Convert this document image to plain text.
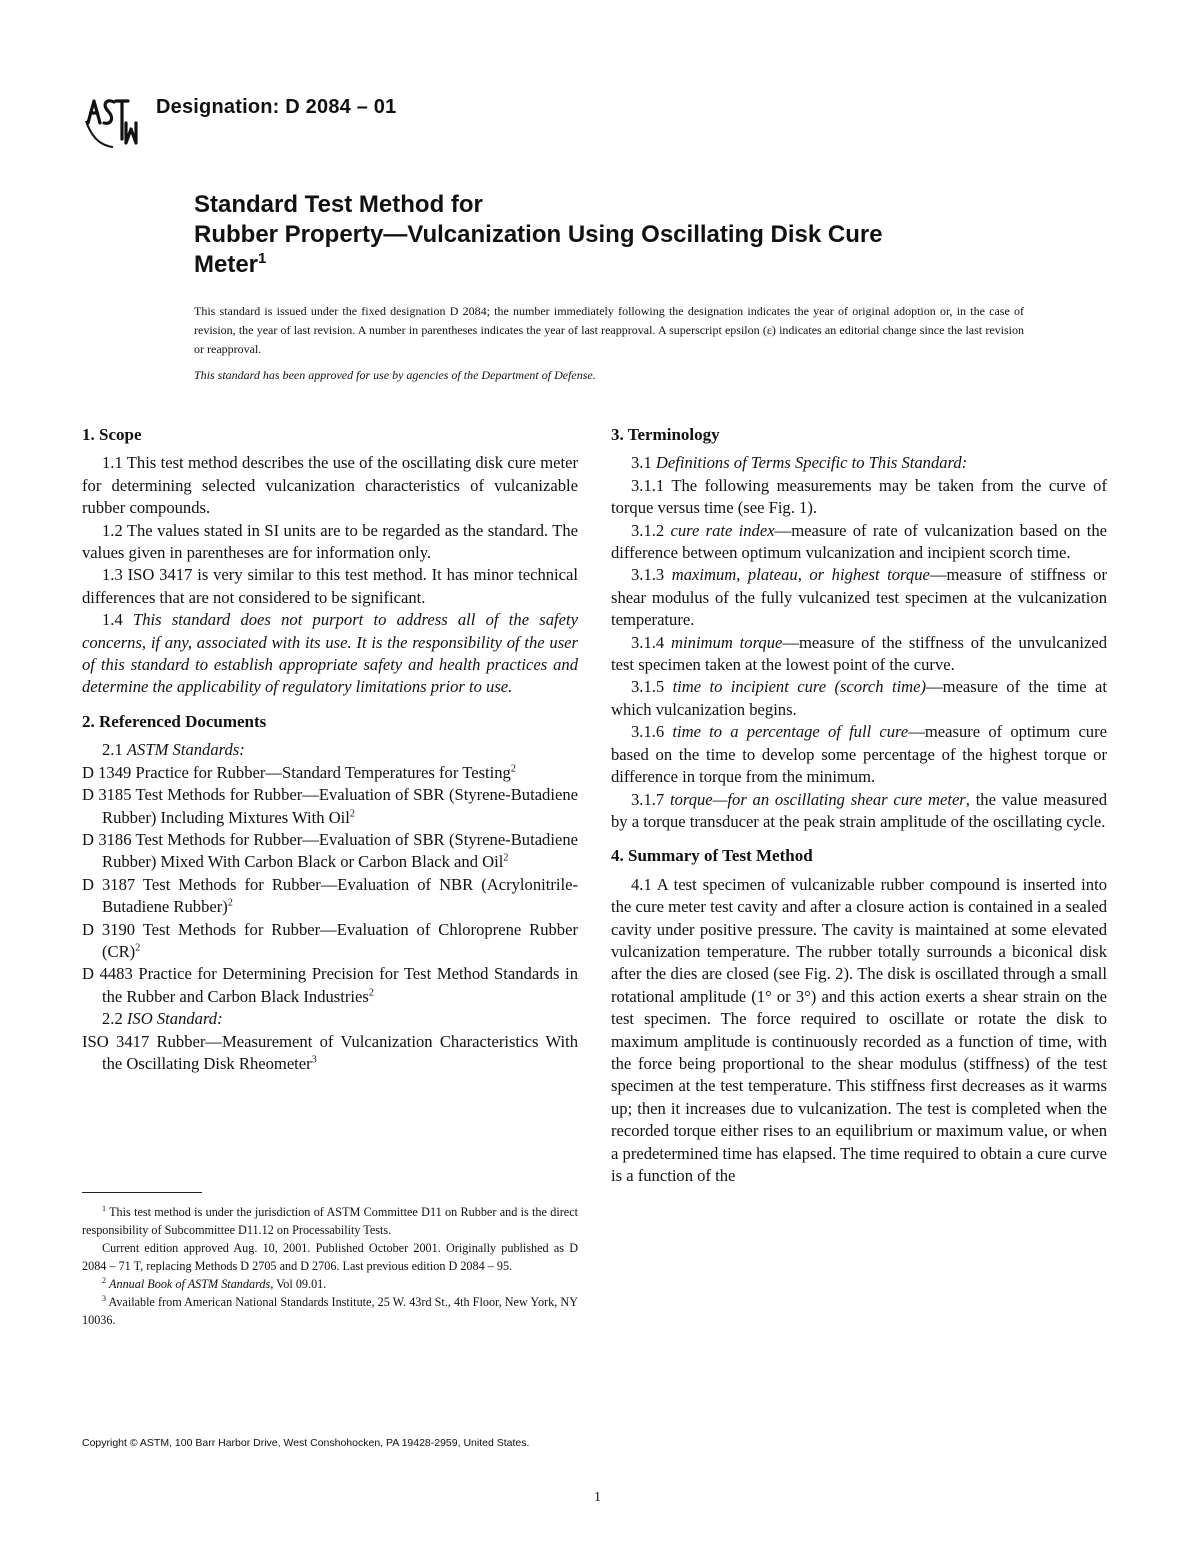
Designation: D 2084 – 01
Standard Test Method for
Rubber Property—Vulcanization Using Oscillating Disk Cure
Meter$^1$
This standard is issued under the fixed designation D 2084; the number immediately following the designation indicates the year of original adoption or, in the case of revision, the year of last revision. A number in parentheses indicates the year of last reapproval. A superscript epsilon (ε) indicates an editorial change since the last revision or reapproval.
This standard has been approved for use by agencies of the Department of Defense.
1. Scope

1.1 This test method describes the use of the oscillating disk cure meter for determining selected vulcanization characteristics of vulcanizable rubber compounds.

1.2 The values stated in SI units are to be regarded as the standard. The values given in parentheses are for information only.

1.3 ISO 3417 is very similar to this test method. It has minor technical differences that are not considered to be significant.

1.4 This standard does not purport to address all of the safety concerns, if any, associated with its use. It is the responsibility of the user of this standard to establish appropriate safety and health practices and determine the applicability of regulatory limitations prior to use.

2. Referenced Documents

2.1 ASTM Standards:

D 1349 Practice for Rubber—Standard Temperatures for Testing$^2$

D 3185 Test Methods for Rubber—Evaluation of SBR (Styrene-Butadiene Rubber) Including Mixtures With Oil$^2$

D 3186 Test Methods for Rubber—Evaluation of SBR (Styrene-Butadiene Rubber) Mixed With Carbon Black or Carbon Black and Oil$^2$

D 3187 Test Methods for Rubber—Evaluation of NBR (Acrylonitrile-Butadiene Rubber)$^2$

D 3190 Test Methods for Rubber—Evaluation of Chloroprene Rubber (CR)$^2$

D 4483 Practice for Determining Precision for Test Method Standards in the Rubber and Carbon Black Industries$^2$

2.2 ISO Standard:

ISO 3417 Rubber—Measurement of Vulcanization Characteristics With the Oscillating Disk Rheometer$^3$

$^1$ This test method is under the jurisdiction of ASTM Committee D11 on Rubber and is the direct responsibility of Subcommittee D11.12 on Processability Tests.

Current edition approved Aug. 10, 2001. Published October 2001. Originally published as D 2084 – 71 T, replacing Methods D 2705 and D 2706. Last previous edition D 2084 – 95.

$^2$ Annual Book of ASTM Standards, Vol 09.01.

$^3$ Available from American National Standards Institute, 25 W. 43rd St., 4th Floor, New York, NY 10036.

3. Terminology

3.1 Definitions of Terms Specific to This Standard:

3.1.1 The following measurements may be taken from the curve of torque versus time (see Fig. 1).

3.1.2 cure rate index—measure of rate of vulcanization based on the difference between optimum vulcanization and incipient scorch time.

3.1.3 maximum, plateau, or highest torque—measure of stiffness or shear modulus of the fully vulcanized test specimen at the vulcanization temperature.

3.1.4 minimum torque—measure of the stiffness of the unvulcanized test specimen taken at the lowest point of the curve.

3.1.5 time to incipient cure (scorch time)—measure of the time at which vulcanization begins.

3.1.6 time to a percentage of full cure—measure of optimum cure based on the time to develop some percentage of the highest torque or difference in torque from the minimum.

3.1.7 torque—for an oscillating shear cure meter, the value measured by a torque transducer at the peak strain amplitude of the oscillating cycle.

4. Summary of Test Method

4.1 A test specimen of vulcanizable rubber compound is inserted into the cure meter test cavity and after a closure action is contained in a sealed cavity under positive pressure. The cavity is maintained at some elevated vulcanization temperature. The rubber totally surrounds a biconical disk after the dies are closed (see Fig. 2). The disk is oscillated through a small rotational amplitude (1° or 3°) and this action exerts a shear strain on the test specimen. The force required to oscillate or rotate the disk to maximum amplitude is continuously recorded as a function of time, with the force being proportional to the shear modulus (stiffness) of the test specimen at the test temperature. This stiffness first decreases as it warms up; then it increases due to vulcanization. The test is completed when the recorded torque either rises to an equilibrium or maximum value, or when a predetermined time has elapsed. The time required to obtain a cure curve is a function of the

Copyright © ASTM, 100 Barr Harbor Drive, West Conshohocken, PA 19428-2959, United States.
1
